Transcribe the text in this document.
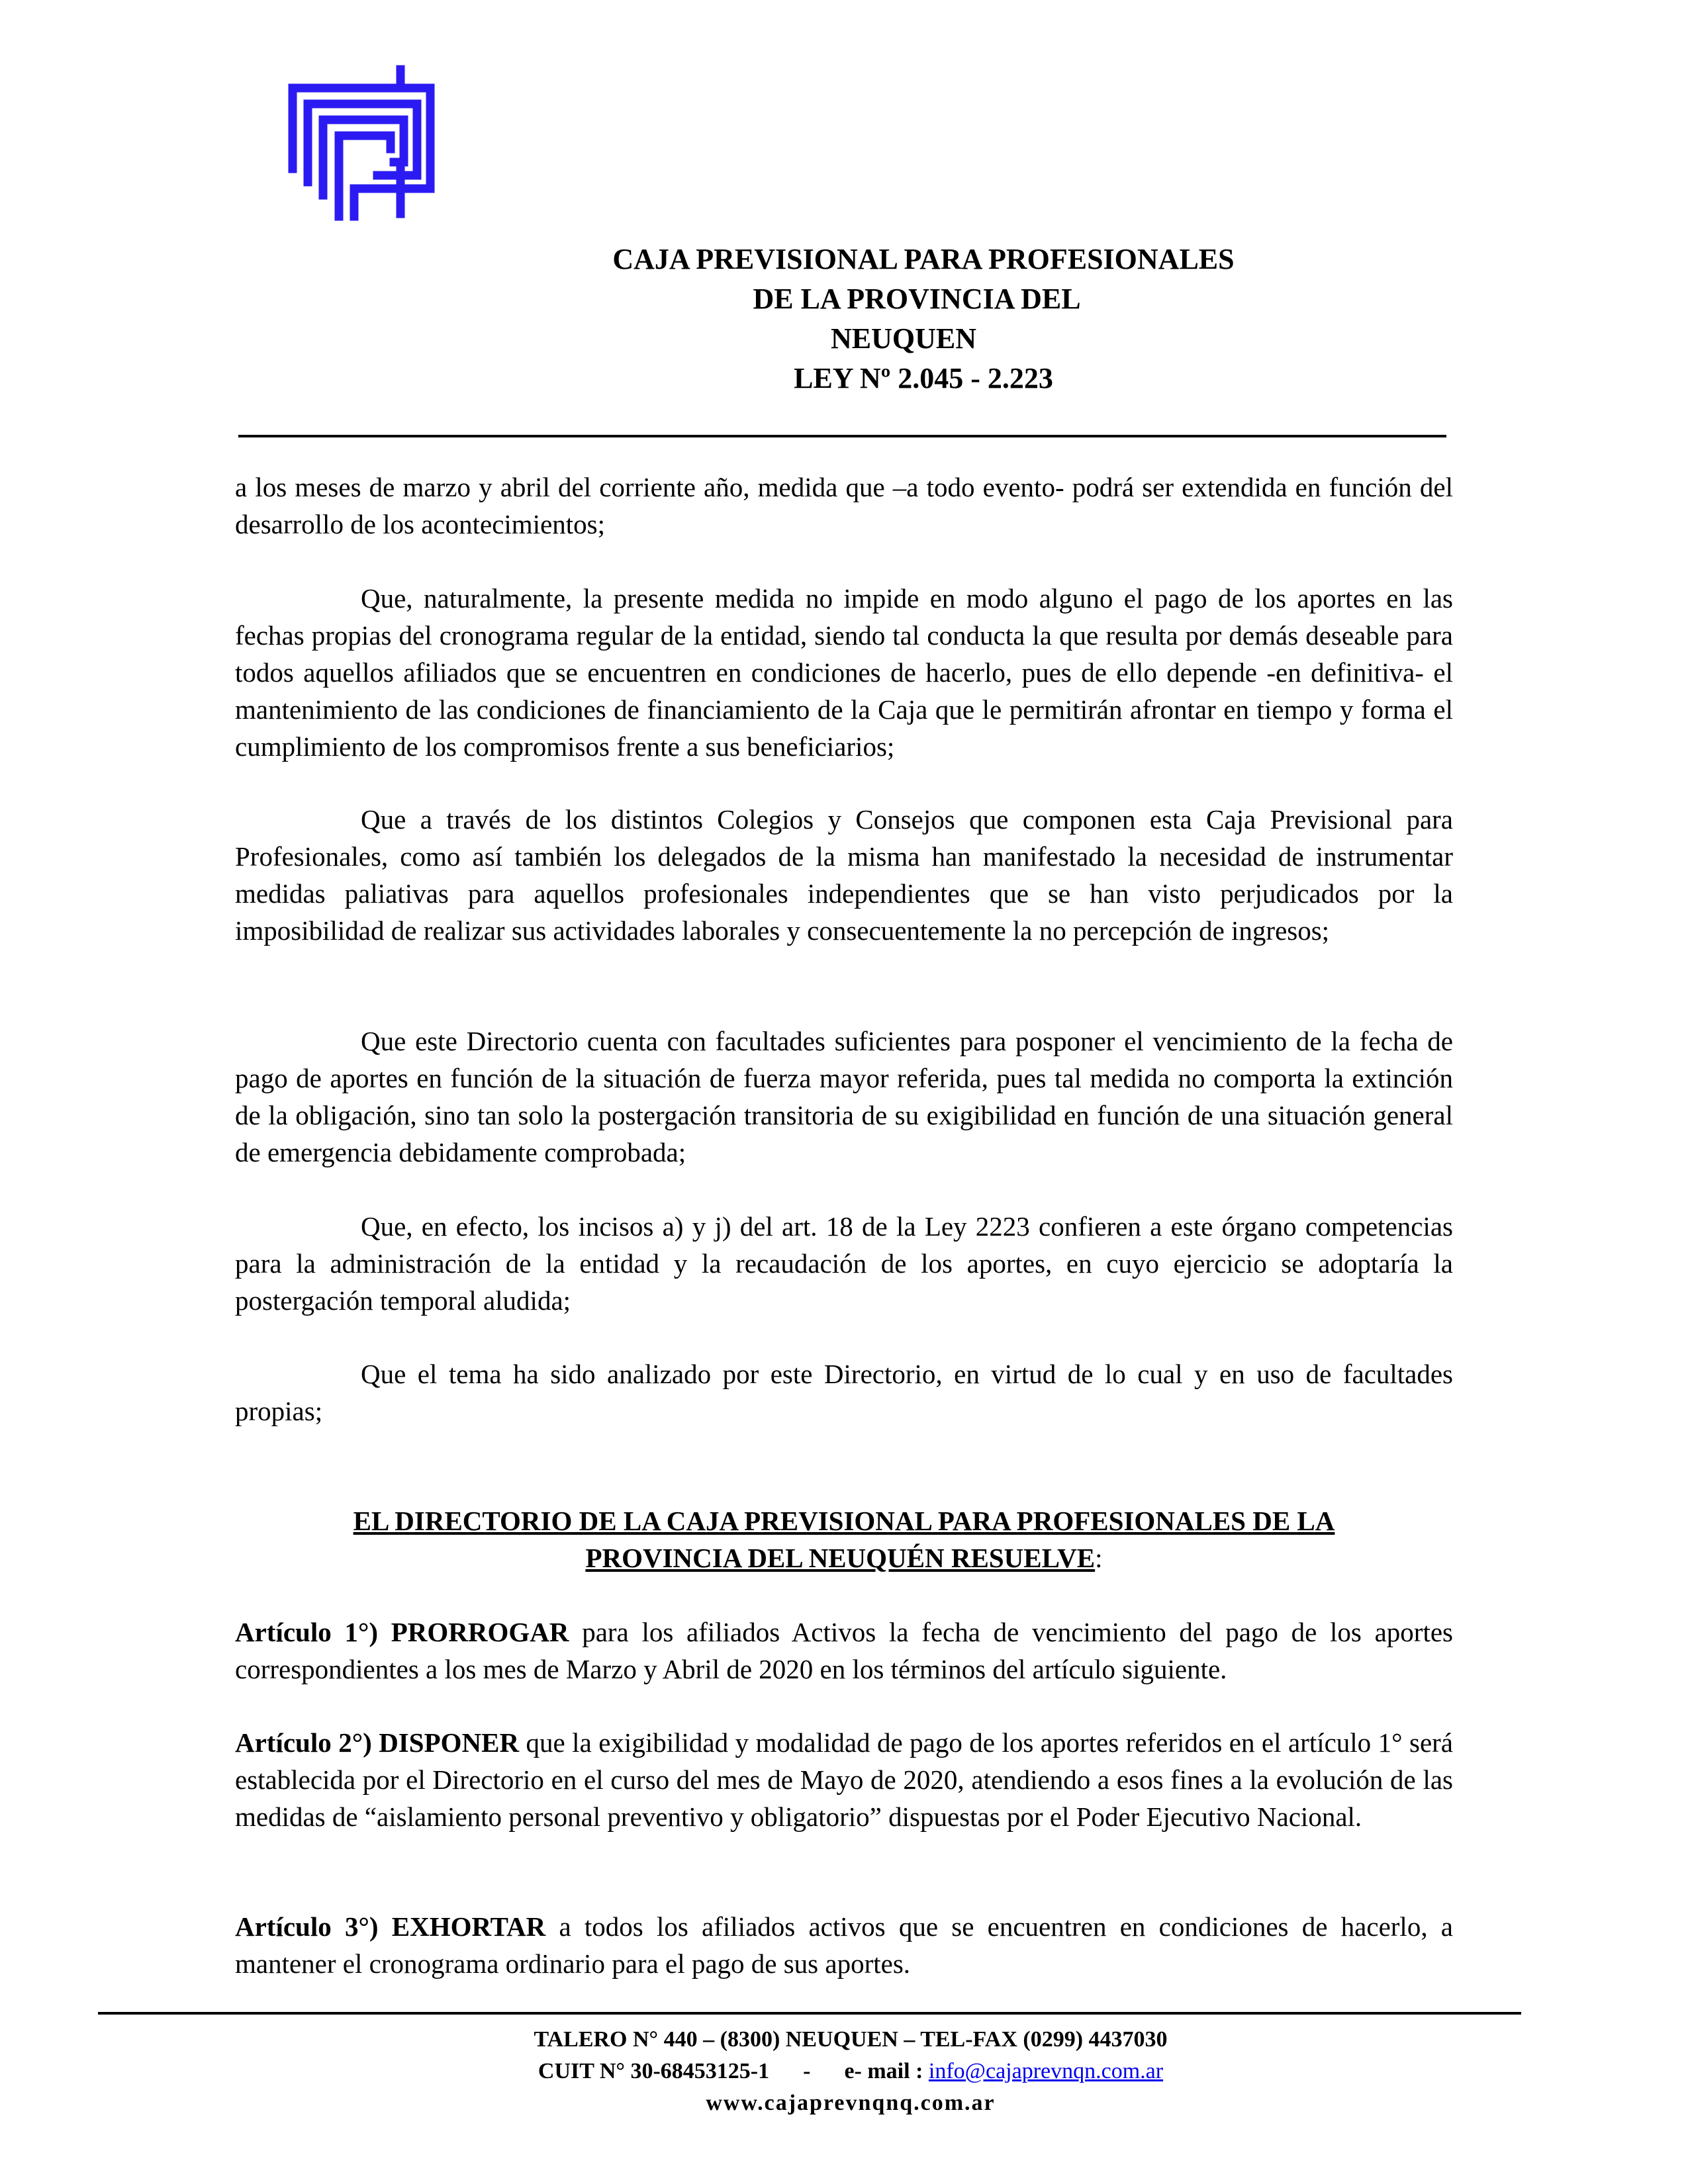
CAJA PREVISIONAL PARA PROFESIONALES
DE LA PROVINCIA DEL
NEUQUEN
LEY Nº 2.045 - 2.223

a los meses de marzo y abril del corriente año, medida que –a todo evento- podrá ser extendida en función del desarrollo de los acontecimientos;

Que, naturalmente, la presente medida no impide en modo alguno el pago de los aportes en las fechas propias del cronograma regular de la entidad, siendo tal conducta la que resulta por demás deseable para todos aquellos afiliados que se encuentren en condiciones de hacerlo, pues de ello depende -en definitiva- el mantenimiento de las condiciones de financiamiento de la Caja que le permitirán afrontar en tiempo y forma el cumplimiento de los compromisos frente a sus beneficiarios;

Que a través de los distintos Colegios y Consejos que componen esta Caja Previsional para Profesionales, como así también los delegados de la misma han manifestado la necesidad de instrumentar medidas paliativas para aquellos profesionales independientes que se han visto perjudicados por la imposibilidad de realizar sus actividades laborales y consecuentemente la no percepción de ingresos;

Que este Directorio cuenta con facultades suficientes para posponer el vencimiento de la fecha de pago de aportes en función de la situación de fuerza mayor referida, pues tal medida no comporta la extinción de la obligación, sino tan solo la postergación transitoria de su exigibilidad en función de una situación general de emergencia debidamente comprobada;

Que, en efecto, los incisos a) y j) del art. 18 de la Ley 2223 confieren a este órgano competencias para la administración de la entidad y la recaudación de los aportes, en cuyo ejercicio se adoptaría la postergación temporal aludida;

Que el tema ha sido analizado por este Directorio, en virtud de lo cual y en uso de facultades propias;

EL DIRECTORIO DE LA CAJA PREVISIONAL PARA PROFESIONALES DE LA
PROVINCIA DEL NEUQUÉN RESUELVE:

Artículo 1°) PRORROGAR para los afiliados Activos la fecha de vencimiento del pago de los aportes correspondientes a los mes de Marzo y Abril de 2020 en los términos del artículo siguiente.

Artículo 2°) DISPONER que la exigibilidad y modalidad de pago de los aportes referidos en el artículo 1° será establecida por el Directorio en el curso del mes de Mayo de 2020, atendiendo a esos fines a la evolución de las medidas de “aislamiento personal preventivo y obligatorio” dispuestas por el Poder Ejecutivo Nacional.

Artículo 3°) EXHORTAR a todos los afiliados activos que se encuentren en condiciones de hacerlo, a mantener el cronograma ordinario para el pago de sus aportes.

TALERO N° 440 – (8300) NEUQUEN – TEL-FAX (0299) 4437030
CUIT N° 30-68453125-1      -      e- mail : info@cajaprevnqn.com.ar
www.cajaprevnqnq.com.ar
